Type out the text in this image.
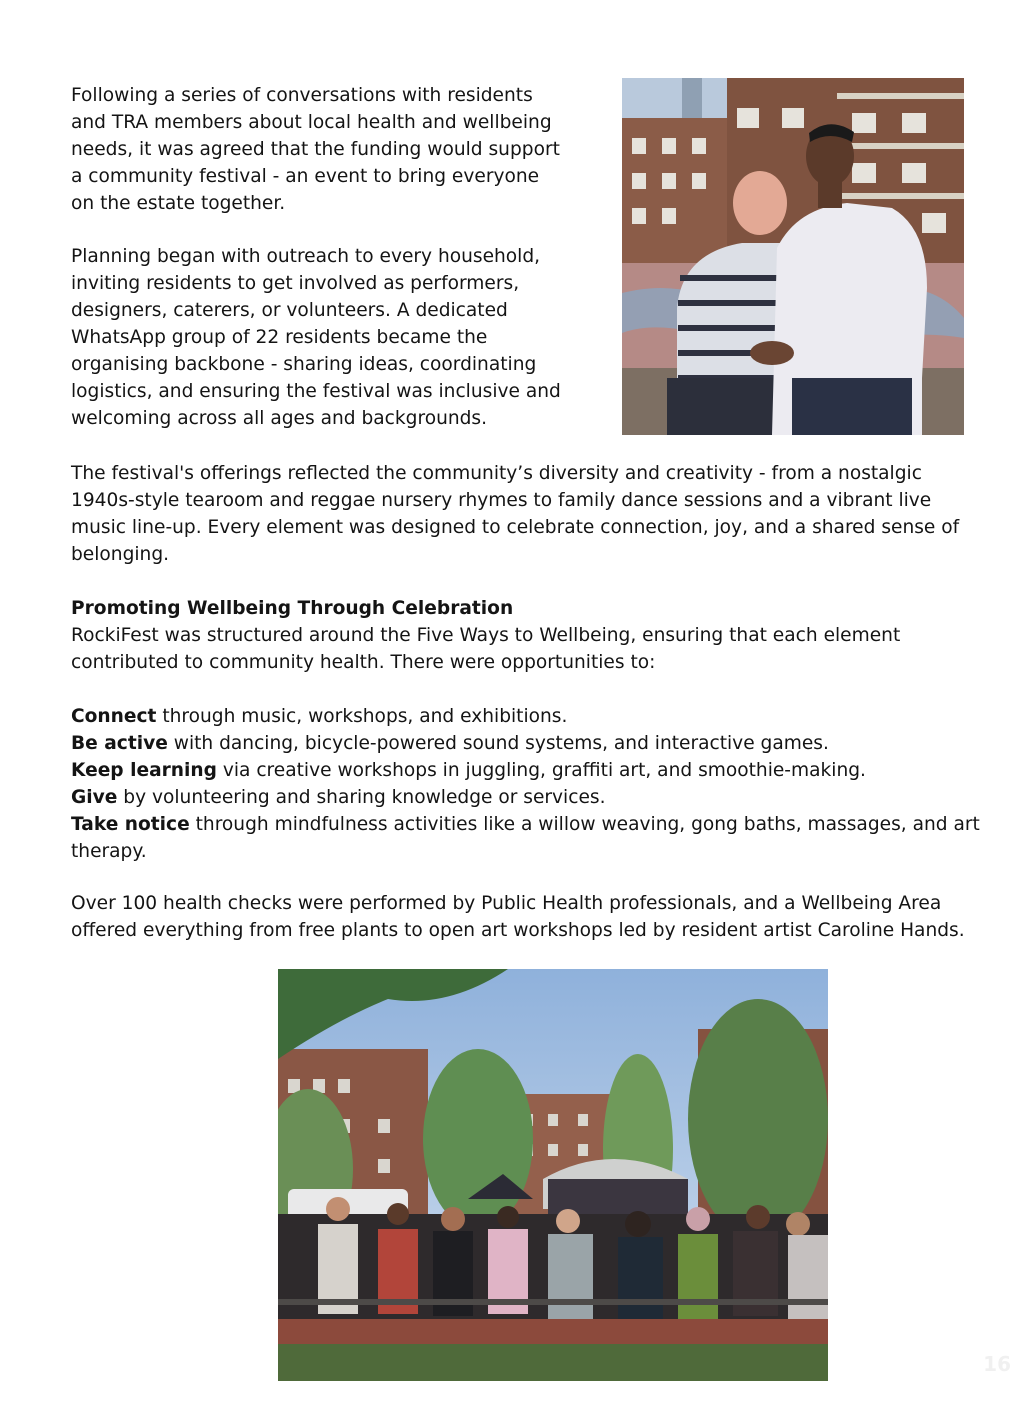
Following a series of conversations with residents and TRA members about local health and wellbeing needs, it was agreed that the funding would support a community festival - an event to bring everyone on the estate together.

Planning began with outreach to every household, inviting residents to get involved as performers, designers, caterers, or volunteers. A dedicated WhatsApp group of 22 residents became the organising backbone - sharing ideas, coordinating logistics, and ensuring the festival was inclusive and welcoming across all ages and backgrounds.

The festival's offerings reflected the community’s diversity and creativity - from a nostalgic 1940s-style tearoom and reggae nursery rhymes to family dance sessions and a vibrant live music line-up. Every element was designed to celebrate connection, joy, and a shared sense of belonging.

Promoting Wellbeing Through Celebration

RockiFest was structured around the Five Ways to Wellbeing, ensuring that each element contributed to community health. There were opportunities to:

Connect through music, workshops, and exhibitions.
Be active with dancing, bicycle-powered sound systems, and interactive games.
Keep learning via creative workshops in juggling, graffiti art, and smoothie-making.
Give by volunteering and sharing knowledge or services.
Take notice through mindfulness activities like a willow weaving, gong baths, massages, and art therapy.

Over 100 health checks were performed by Public Health professionals, and a Wellbeing Area offered everything from free plants to open art workshops led by resident artist Caroline Hands.

16
